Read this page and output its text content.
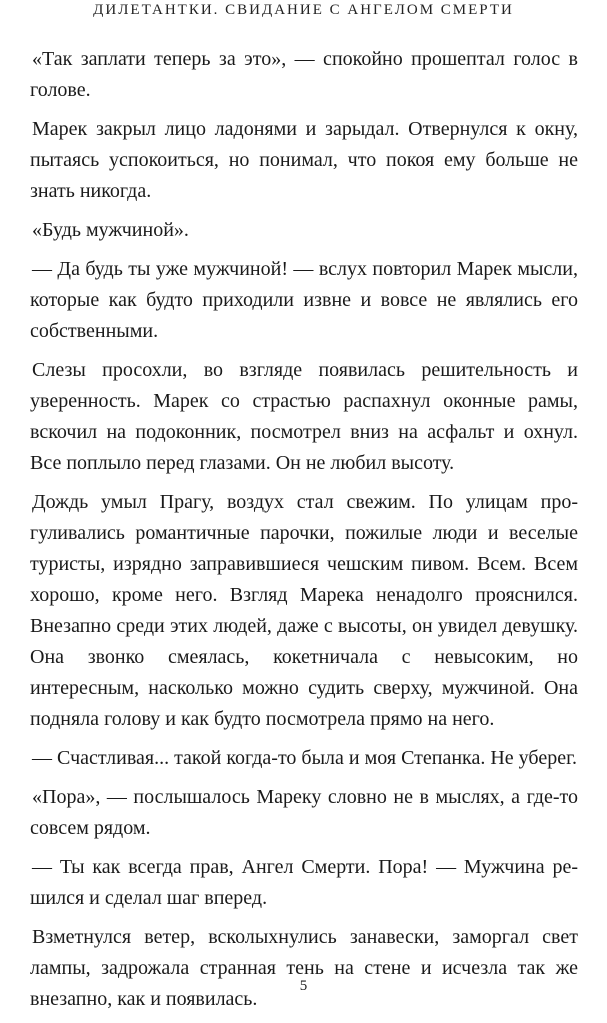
ДИЛЕТАНТКИ. СВИДАНИЕ С АНГЕЛОМ СМЕРТИ

«Так заплати теперь за это», — спокойно прошептал голос в голове.

Марек закрыл лицо ладонями и зарыдал. Отвернулся к окну, пытаясь успокоиться, но понимал, что покоя ему больше не знать никогда.

«Будь мужчиной».

— Да будь ты уже мужчиной! — вслух повторил Марек мысли, которые как будто приходили извне и вовсе не являлись его собственными.

Слезы просохли, во взгляде появилась решительность и уверенность. Марек со страстью распахнул оконные рамы, вскочил на подоконник, посмотрел вниз на асфальт и охнул. Все поплыло перед глазами. Он не любил высоту.

Дождь умыл Прагу, воздух стал свежим. По улицам прогуливались романтичные парочки, пожилые люди и веселые туристы, изрядно заправившиеся чешским пивом. Всем. Всем хорошо, кроме него. Взгляд Марека ненадолго прояснился. Внезапно среди этих людей, даже с высоты, он увидел девушку. Она звонко смеялась, кокетничала с невысоким, но интересным, насколько можно судить сверху, мужчиной. Она подняла голову и как будто посмотрела прямо на него.

— Счастливая... такой когда-то была и моя Степанка. Не уберег.

«Пора», — послышалось Мареку словно не в мыслях, а где-то совсем рядом.

— Ты как всегда прав, Ангел Смерти. Пора! — Мужчина решился и сделал шаг вперед.

Взметнулся ветер, всколыхнулись занавески, заморгал свет лампы, задрожала странная тень на стене и исчезла так же внезапно, как и появилась.

5
